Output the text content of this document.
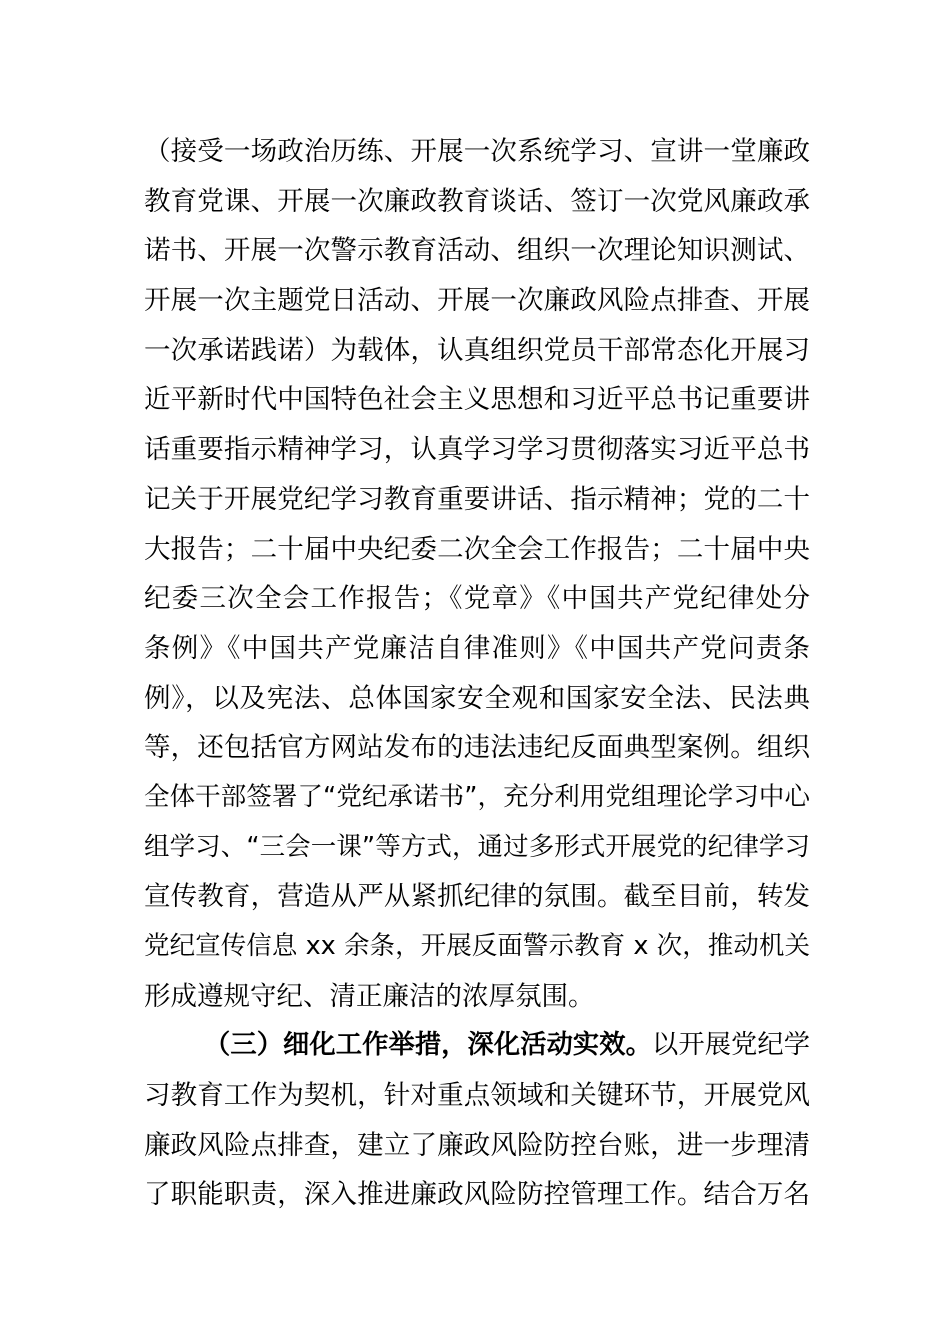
（接受一场政治历练、开展一次系统学习、宣讲一堂廉政
教育党课、开展一次廉政教育谈话、签订一次党风廉政承
诺书、开展一次警示教育活动、组织一次理论知识测试、
开展一次主题党日活动、开展一次廉政风险点排查、开展
一次承诺践诺）为载体，认真组织党员干部常态化开展习
近平新时代中国特色社会主义思想和习近平总书记重要讲
话重要指示精神学习，认真学习学习贯彻落实习近平总书
记关于开展党纪学习教育重要讲话、指示精神；党的二十
大报告；二十届中央纪委二次全会工作报告；二十届中央
纪委三次全会工作报告；《党章》《中国共产党纪律处分
条例》《中国共产党廉洁自律准则》《中国共产党问责条
例》，以及宪法、总体国家安全观和国家安全法、民法典
等，还包括官方网站发布的违法违纪反面典型案例。组织
全体干部签署了“党纪承诺书”，充分利用党组理论学习中心
组学习、“三会一课”等方式，通过多形式开展党的纪律学习
宣传教育，营造从严从紧抓纪律的氛围。截至目前，转发
党纪宣传信息 xx 余条，开展反面警示教育 x 次，推动机关
形成遵规守纪、清正廉洁的浓厚氛围。
（三）细化工作举措，深化活动实效。以开展党纪学
习教育工作为契机，针对重点领域和关键环节，开展党风
廉政风险点排查，建立了廉政风险防控台账，进一步理清
了职能职责，深入推进廉政风险防控管理工作。结合万名
